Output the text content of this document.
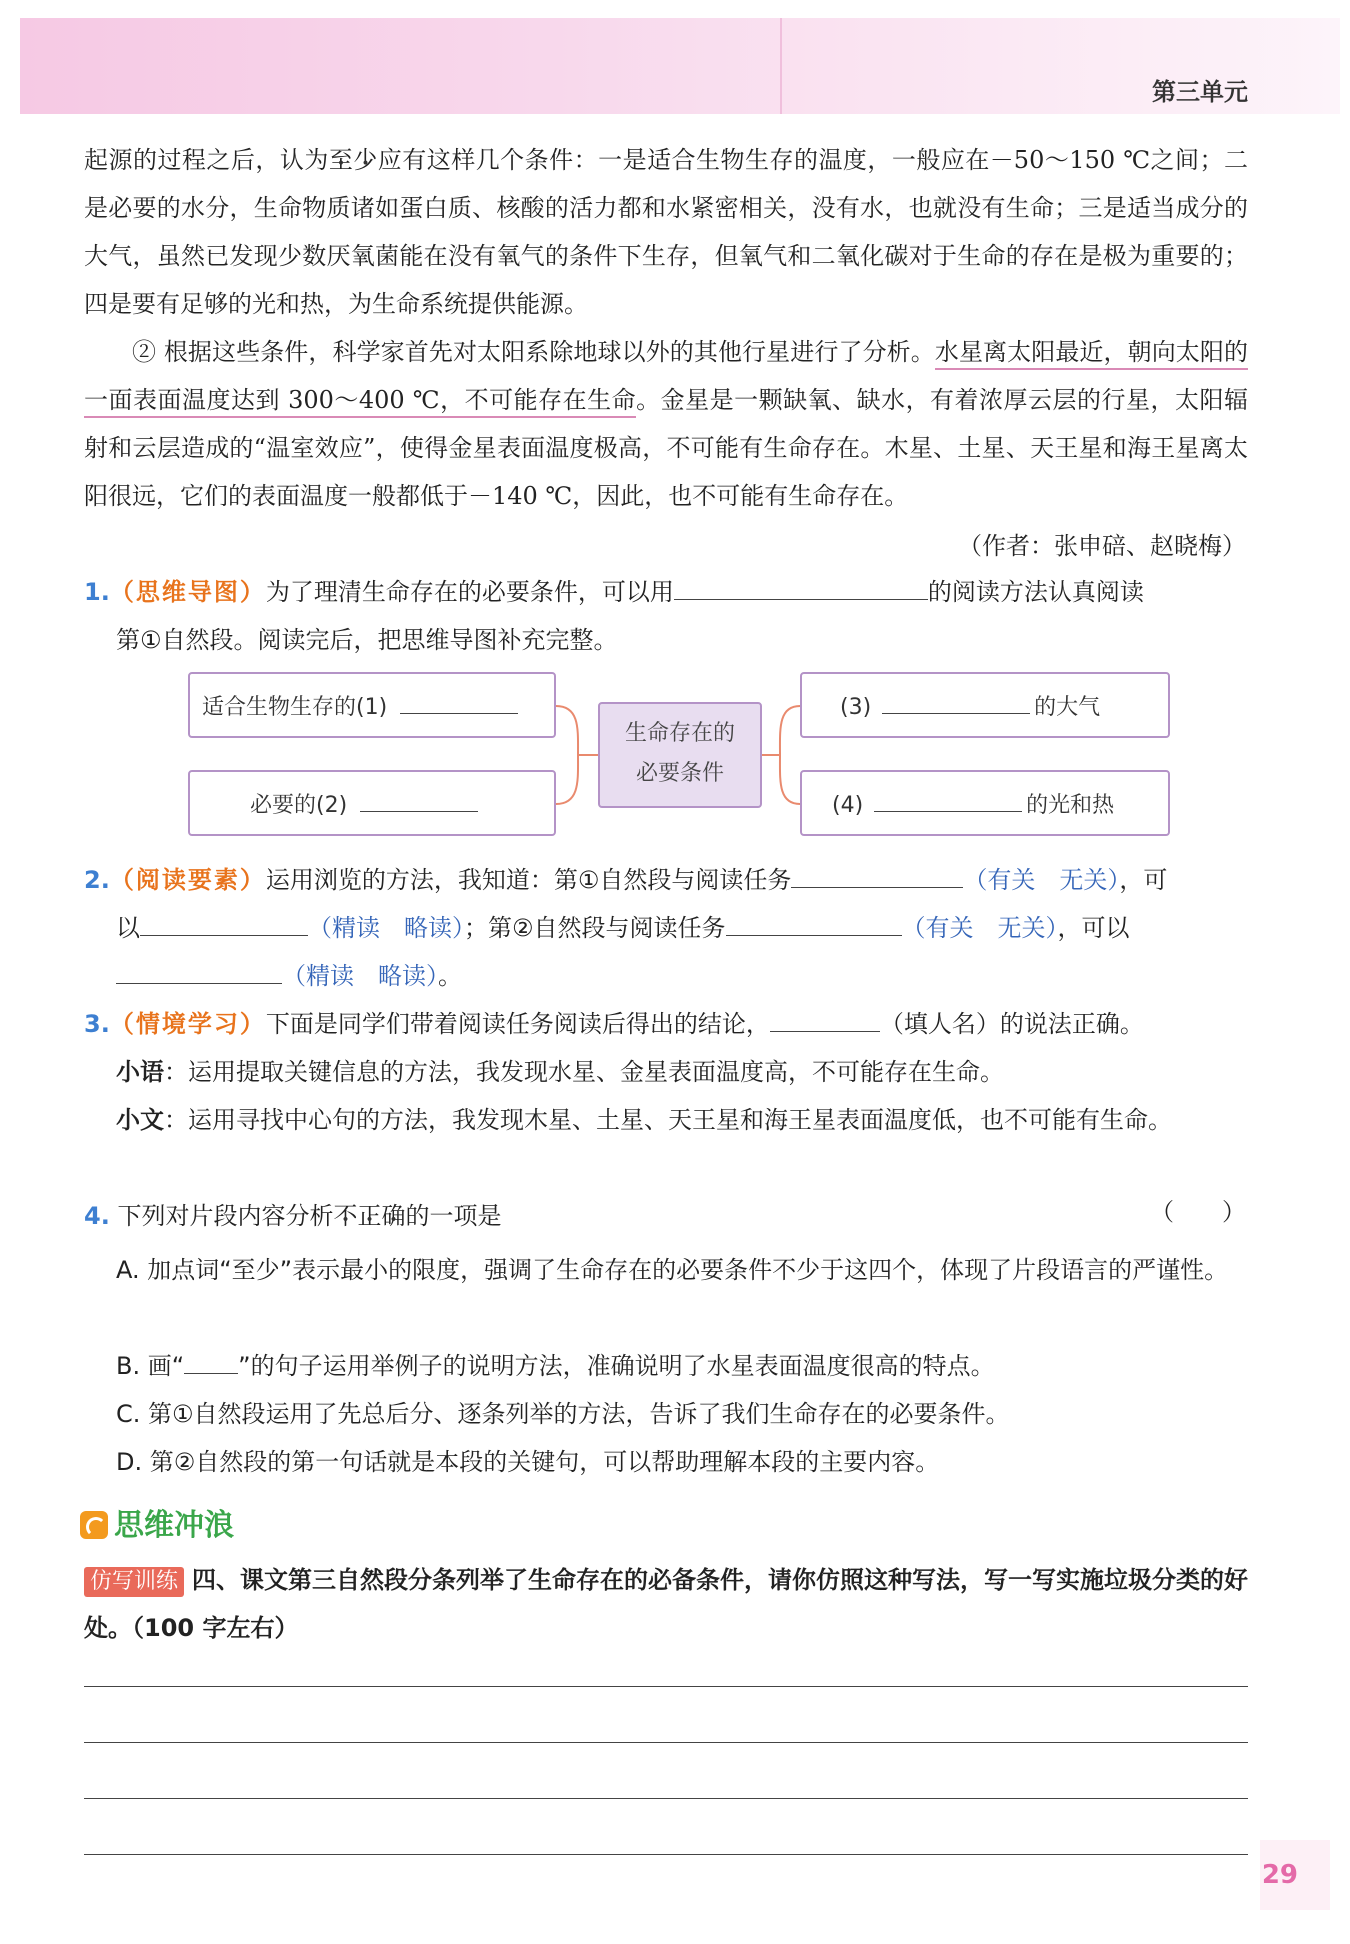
第三单元

起源的过程之后，认为至 •少 •应有这样几个条件：一是适合生物生存的温度，一般应在－50～150 ℃之间；二是必要的水分，生命物质诸如蛋白质、核酸的活力都和水紧密相关，没有水，也就没有生命；三是适当成分的大气，虽然已发现少数厌氧菌能在没有氧气的条件下生存，但氧气和二氧化碳对于生命的存在是极为重要的；四是要有足够的光和热，为生命系统提供能源。

② 根据这些条件，科学家首先对太阳系除地球以外的其他行星进行了分析。水星离太阳最近，朝向太阳的一面表面温度达到 300～400 ℃，不可能存在生命。金星是一颗缺氧、缺水，有着浓厚云层的行星，太阳辐射和云层造成的“温室效应”，使得金星表面温度极高，不可能有生命存在。木星、土星、天王星和海王星离太阳很远，它们的表面温度一般都低于－140 ℃，因此，也不可能有生命存在。

（作者：张申碚、赵晓梅）
1.（思维导图）为了理清生命存在的必要条件，可以用	的阅读方法认真阅读
第①自然段。阅读完后，把思维导图补充完整。
适合生物生存的(1)
必要的(2)
生命存在的
必要条件
(3)	的大气
(4)	的光和热
2.（阅读要素）运用浏览的方法，我知道：第①自然段与阅读任务	（有关　无关），可
以	（精读　略读）；第②自然段与阅读任务	（有关　无关），可以
（精读　略读）。
3.（情境学习）下面是同学们带着阅读任务阅读后得出的结论，	（填人名）的说法正确。
小语：运用提取关键信息的方法，我发现水星、金星表面温度高，不可能存在生命。
小文：运用寻找中心句的方法，我发现木星、土星、天王星和海王星表面温度低，也不可能有生命。

4. 下列对片段内容分析不 •正 •确 •的一项是	（　　）
A. 加点词“至少”表示最小的限度，强调了生命存在的必要条件不少于这四个，体现了片段语言的严谨性。
B. 画“ ”的句子运用举例子的说明方法，准确说明了水星表面温度很高的特点。
C. 第①自然段运用了先总后分、逐条列举的方法，告诉了我们生命存在的必要条件。
D. 第②自然段的第一句话就是本段的关键句，可以帮助理解本段的主要内容。
思维冲浪
仿写训练 四、课文第三自然段分条列举了生命存在的必备条件，请你仿照这种写法，写一写实施垃圾分类的好处。（100 字左右）
29
